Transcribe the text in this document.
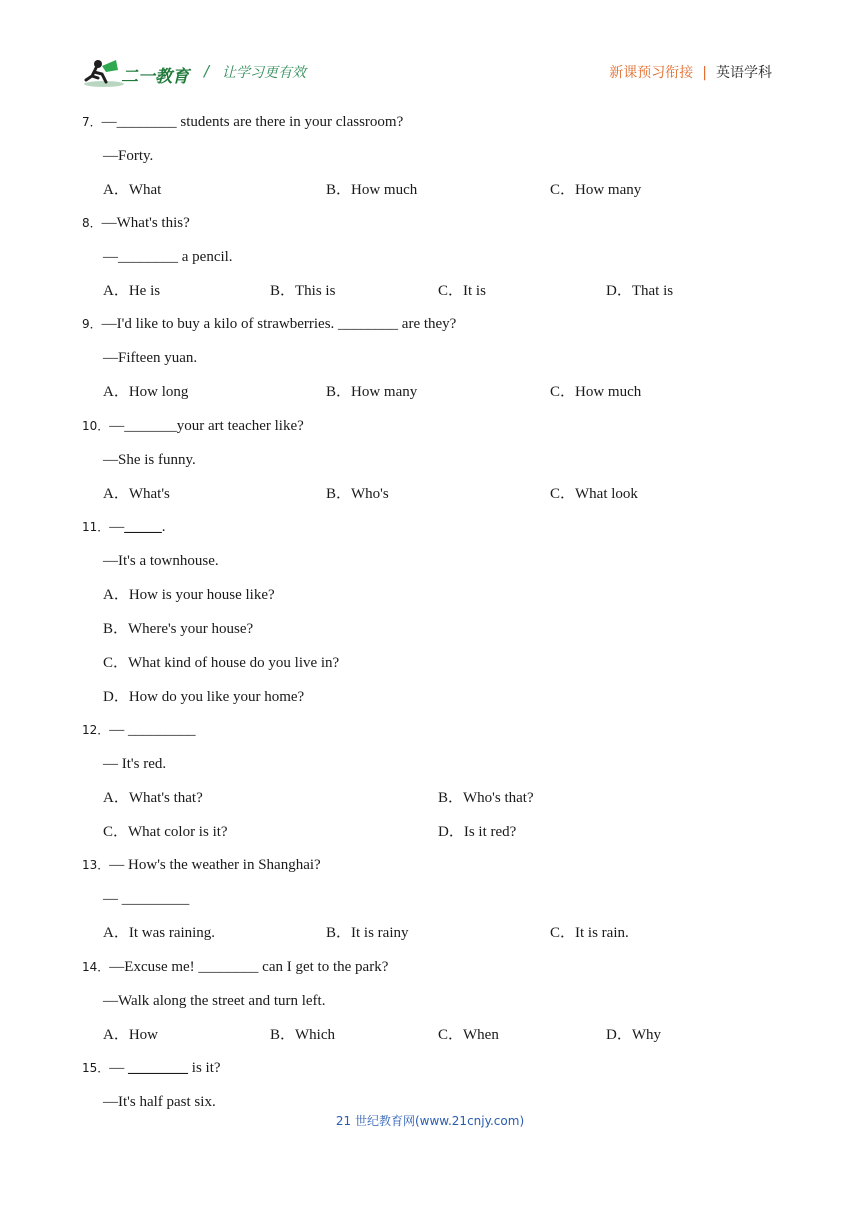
二一教育 / 让学习更有效	新课预习衔接 | 英语学科
7．—________ students are there in your classroom?
—Forty.
A．What	B．How much	C．How many
8．—What's this?
—________ a pencil.
A．He is	B．This is	C．It is	D．That is
9．—I'd like to buy a kilo of strawberries. ________ are they?
—Fifteen yuan.
A．How long	B．How many	C．How much
10．—_______your art teacher like?
—She is funny.
A．What's	B．Who's	C．What look
11．—_____.
—It's a townhouse.
A．How is your house like?
B．Where's your house?
C．What kind of house do you live in?
D．How do you like your home?
12．— _________
— It's red.
A．What's that?	B．Who's that?
C．What color is it?	D．Is it red?
13．— How's the weather in Shanghai?
— _________
A．It was raining.	B．It is rainy	C．It is rain.
14．—Excuse me! ________ can I get to the park?
—Walk along the street and turn left.
A．How	B．Which	C．When	D．Why
15．— ________ is it?
—It's half past six.
21 世纪教育网(www.21cnjy.com)
